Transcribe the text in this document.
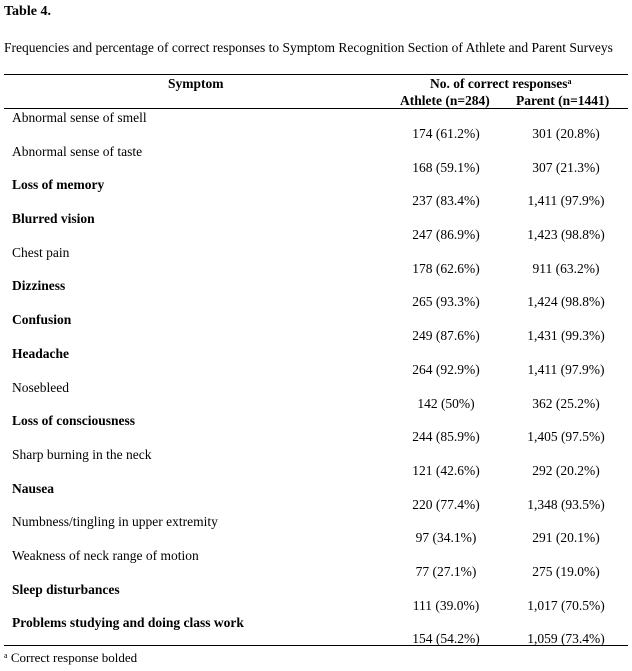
Table 4.
Frequencies and percentage of correct responses to Symptom Recognition Section of Athlete and Parent Surveys
Symptom	No. of correct responses$^a$
Athlete (n=284) Parent (n=1441)
Abnormal sense of smell
174 (61.2%)	301 (20.8%)
Abnormal sense of taste
168 (59.1%)	307 (21.3%)
Loss of memory
237 (83.4%)	1,411 (97.9%)
Blurred vision
247 (86.9%)	1,423 (98.8%)
Chest pain
178 (62.6%)	911 (63.2%)
Dizziness
265 (93.3%)	1,424 (98.8%)
Confusion
249 (87.6%)	1,431 (99.3%)
Headache
264 (92.9%)	1,411 (97.9%)
Nosebleed
142 (50%)	362 (25.2%)
Loss of consciousness
244 (85.9%)	1,405 (97.5%)
Sharp burning in the neck
121 (42.6%)	292 (20.2%)
Nausea
220 (77.4%)	1,348 (93.5%)
Numbness/tingling in upper extremity
97 (34.1%)	291 (20.1%)
Weakness of neck range of motion
77 (27.1%)	275 (19.0%)
Sleep disturbances
111 (39.0%)	1,017 (70.5%)
Problems studying and doing class work
154 (54.2%)	1,059 (73.4%)
$^a$ Correct response bolded
